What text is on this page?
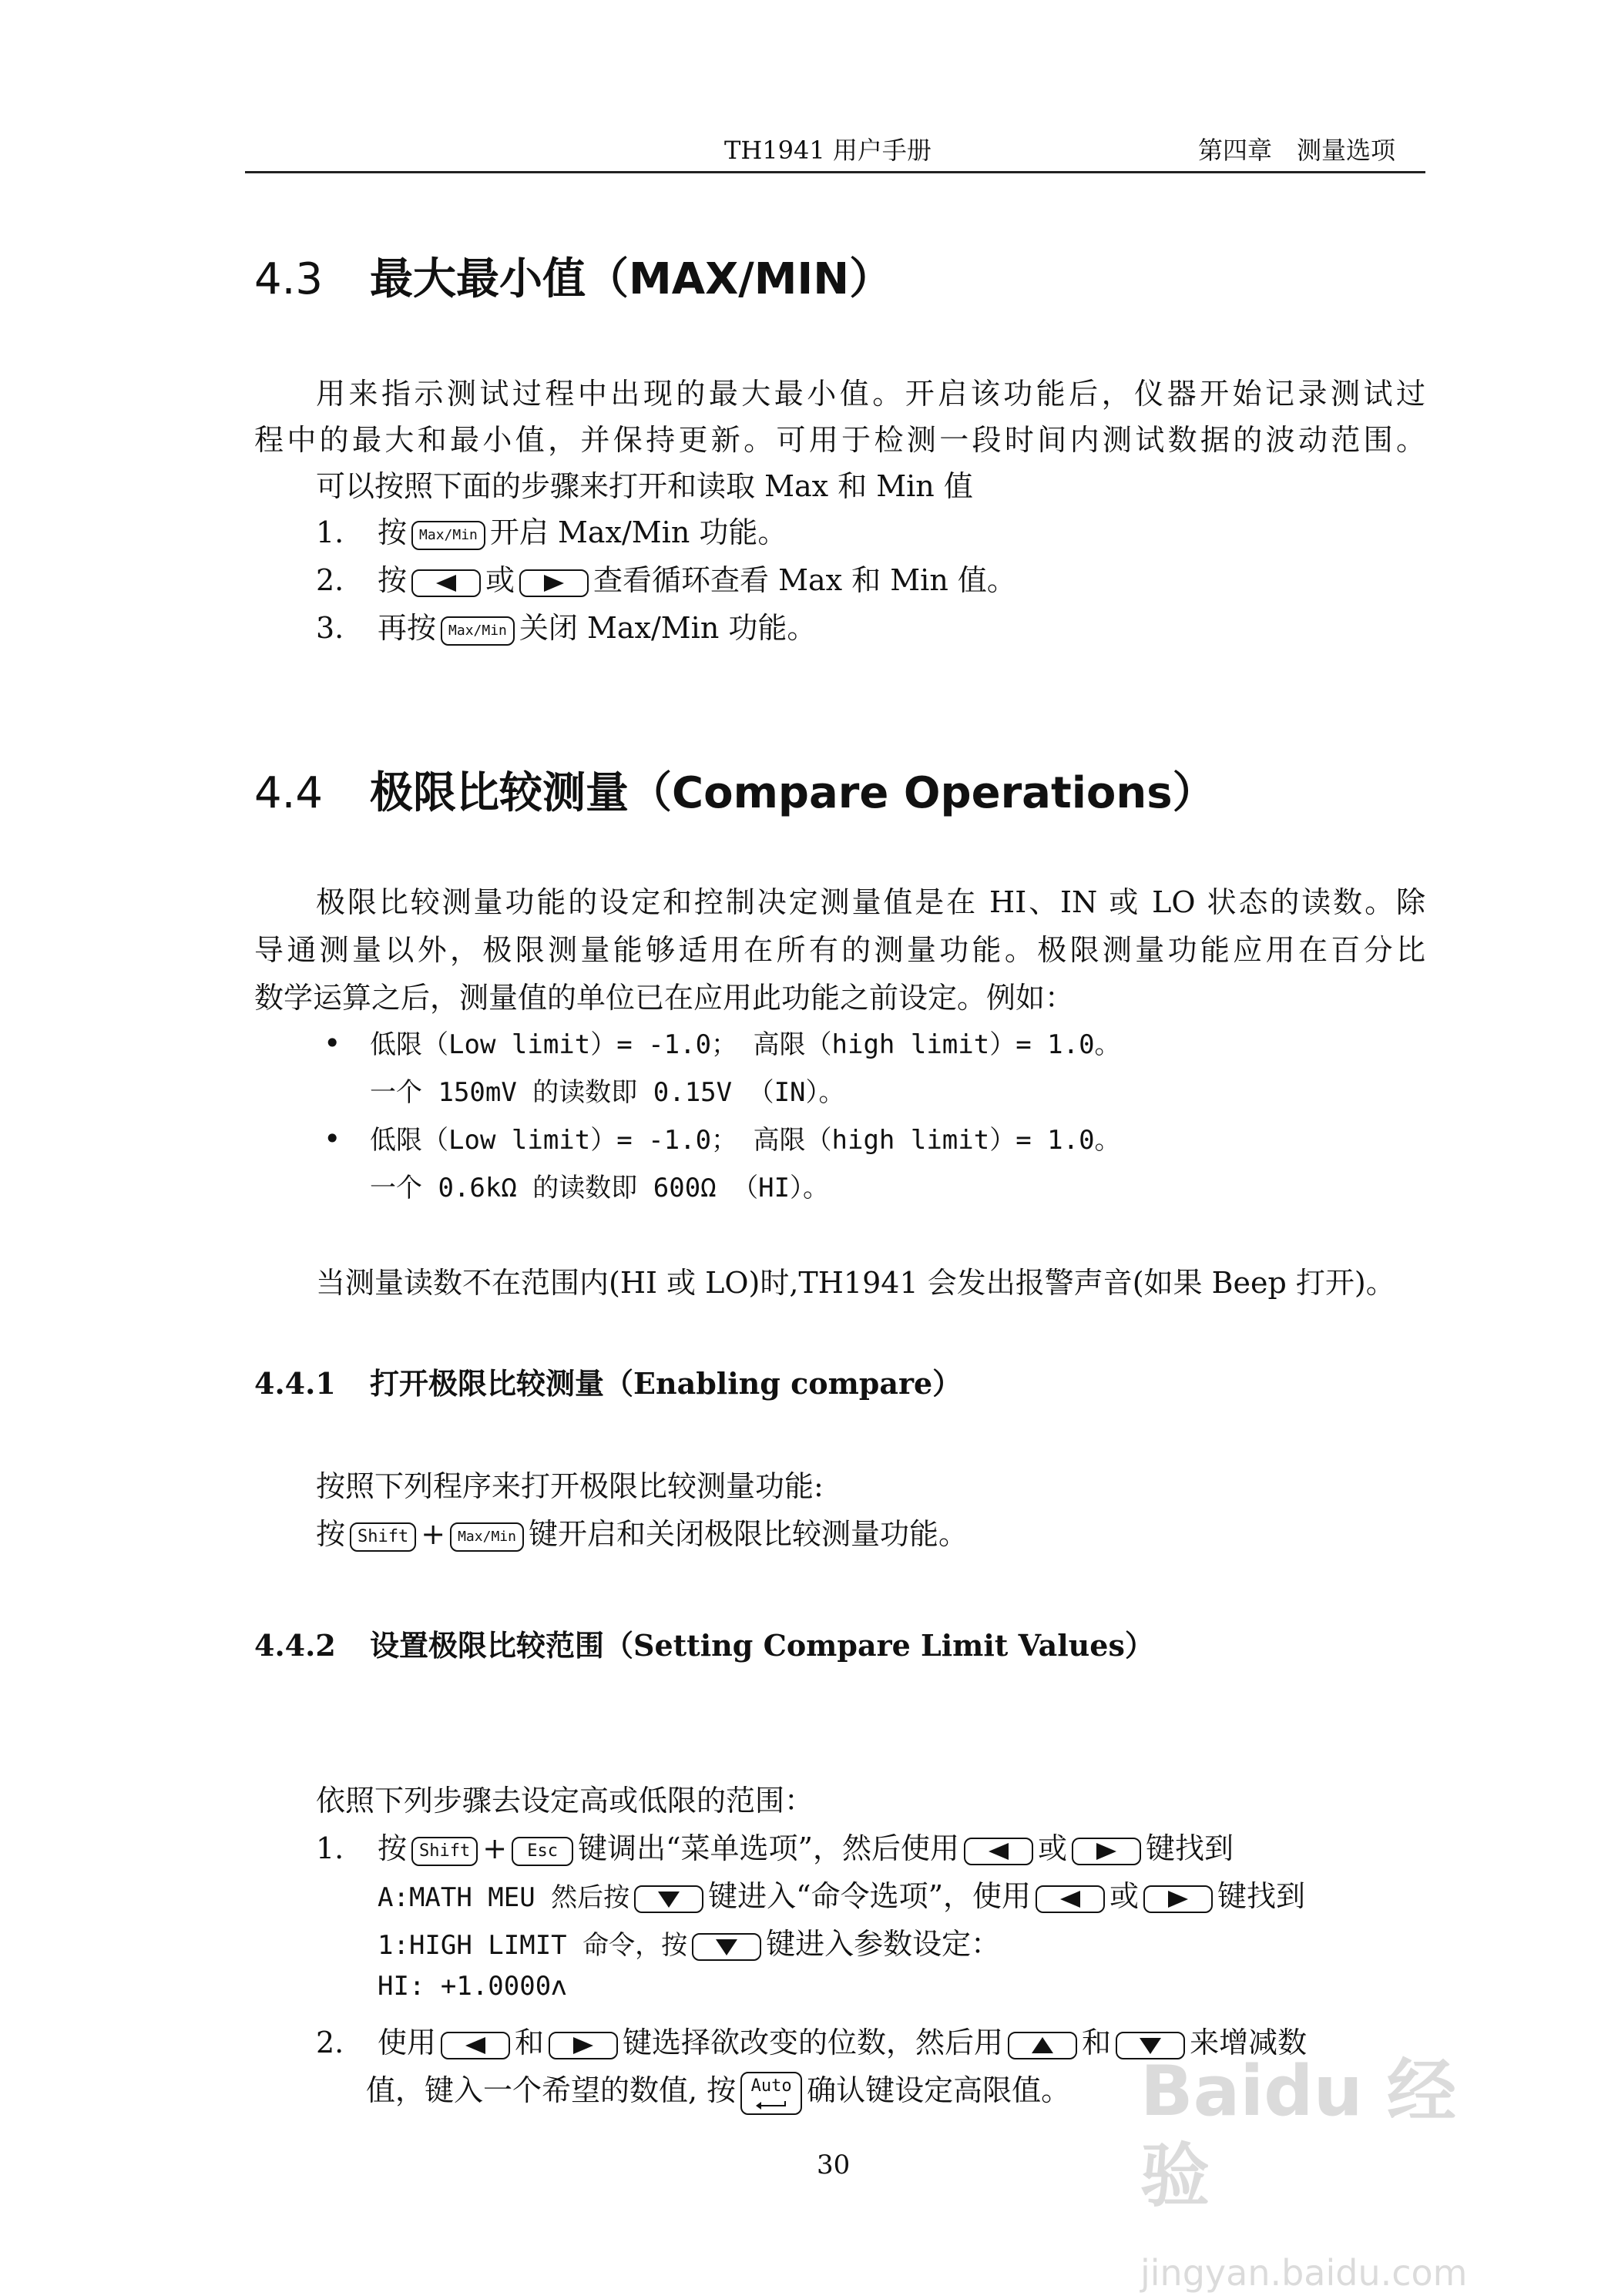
TH1941 用户手册	第四章　测量选项
4.3 最大最小值（MAX/MIN）
用来指示测试过程中出现的最大最小值。开启该功能后，仪器开始记录测试过
程中的最大和最小值，并保持更新。可用于检测一段时间内测试数据的波动范围。
可以按照下面的步骤来打开和读取 Max 和 Min 值
1. 按 Max/Min 开启 Max/Min 功能。
2. 按	或	查看循环查看 Max 和 Min 值。
3. 再按 Max/Min 关闭 Max/Min 功能。
4.4 极限比较测量（Compare Operations）
极限比较测量功能的设定和控制决定测量值是在 HI、IN 或 LO 状态的读数。除
导通测量以外，极限测量能够适用在所有的测量功能。极限测量功能应用在百分比
数学运算之后，测量值的单位已在应用此功能之前设定。例如：
• 低限（Low limit）= -1.0； 高限（high limit）= 1.0。
一个 150mV 的读数即 0.15V （IN）。
• 低限（Low limit）= -1.0； 高限（high limit）= 1.0。
一个 0.6kΩ 的读数即 600Ω （HI）。
当测量读数不在范围内(HI 或 LO)时,TH1941 会发出报警声音(如果 Beep 打开)。
4.4.1 打开极限比较测量（Enabling compare）
按照下列程序来打开极限比较测量功能:
按 Shift + Max/Min 键开启和关闭极限比较测量功能。
4.4.2 设置极限比较范围（Setting Compare Limit Values）
依照下列步骤去设定高或低限的范围：
1. 按 Shift + Esc 键调出“菜单选项”，然后使用	或	键找到
A:MATH MEU 然后按	键进入“命令选项”，使用	或	键找到
1:HIGH LIMIT 命令，按	键进入参数设定：
HI: +1.0000ʌ
2. 使用	和	键选择欲改变的位数，然后用	和	来增减数
值，键入一个希望的数值, 按 Auto 确认键设定高限值。
30
Baidu 经验
jingyan.baidu.com
